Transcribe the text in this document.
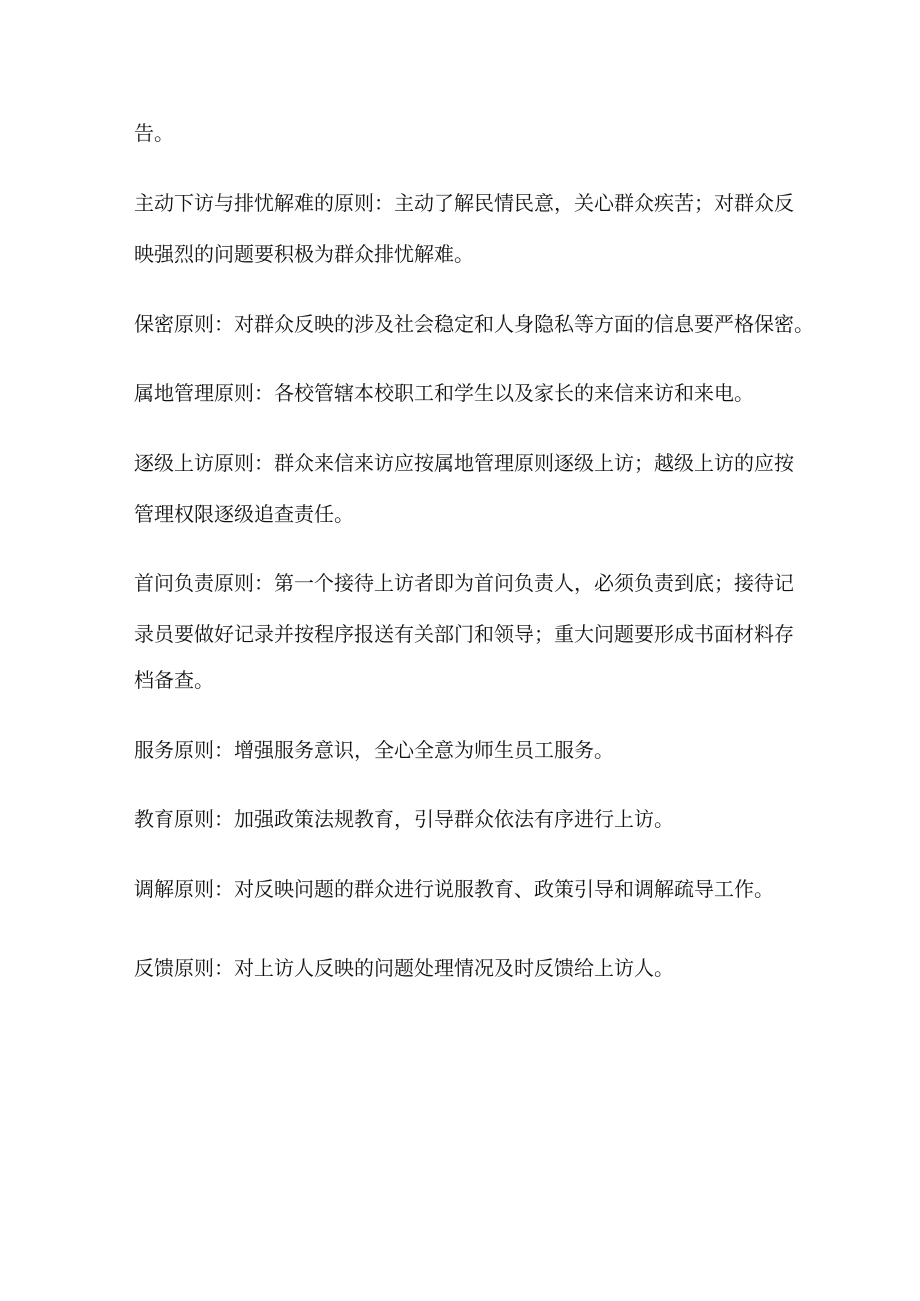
告。

主动下访与排忧解难的原则：主动了解民情民意，关心群众疾苦；对群众反

映强烈的问题要积极为群众排忧解难。

保密原则：对群众反映的涉及社会稳定和人身隐私等方面的信息要严格保密。

属地管理原则：各校管辖本校职工和学生以及家长的来信来访和来电。

逐级上访原则：群众来信来访应按属地管理原则逐级上访；越级上访的应按

管理权限逐级追查责任。

首问负责原则：第一个接待上访者即为首问负责人，必须负责到底；接待记

录员要做好记录并按程序报送有关部门和领导；重大问题要形成书面材料存

档备查。

服务原则：增强服务意识，全心全意为师生员工服务。

教育原则：加强政策法规教育，引导群众依法有序进行上访。

调解原则：对反映问题的群众进行说服教育、政策引导和调解疏导工作。

反馈原则：对上访人反映的问题处理情况及时反馈给上访人。
